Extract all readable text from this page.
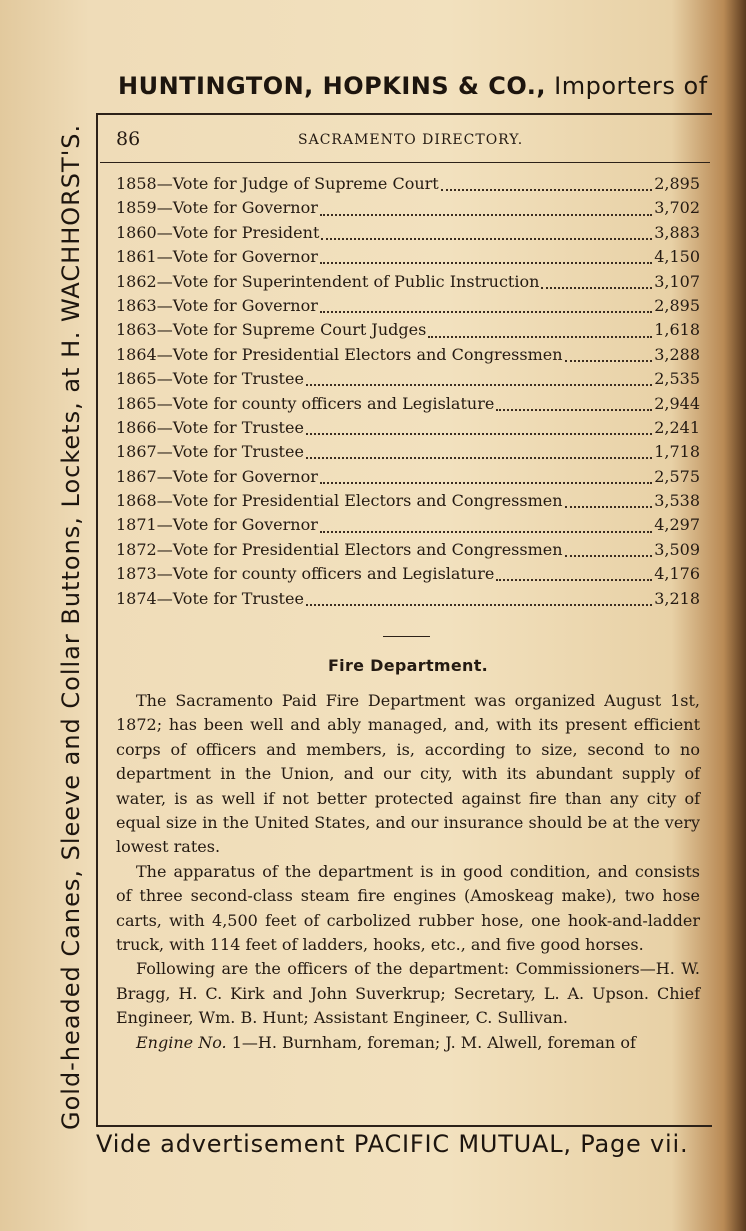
HUNTINGTON, HOPKINS & CO., Importers of
Gold-headed Canes, Sleeve and Collar Buttons, Lockets, at H. WACHHORST'S. 86	SACRAMENTO DIRECTORY.
1858—Vote for Judge of Supreme Court	2,895
1859—Vote for Governor	3,702
1860—Vote for President	3,883
1861—Vote for Governor	4,150
1862—Vote for Superintendent of Public Instruction	3,107
1863—Vote for Governor	2,895
1863—Vote for Supreme Court Judges	1,618
1864—Vote for Presidential Electors and Congressmen	3,288
1865—Vote for Trustee	2,535
1865—Vote for county officers and Legislature	2,944
1866—Vote for Trustee	2,241
1867—Vote for Trustee	1,718
1867—Vote for Governor	2,575
1868—Vote for Presidential Electors and Congressmen	3,538
1871—Vote for Governor	4,297
1872—Vote for Presidential Electors and Congressmen	3,509
1873—Vote for county officers and Legislature	4,176
1874—Vote for Trustee	3,218
Fire Department.

The Sacramento Paid Fire Department was organized August 1st, 1872; has been well and ably managed, and, with its present efficient corps of officers and members, is, according to size, second to no department in the Union, and our city, with its abundant supply of water, is as well if not better protected against fire than any city of equal size in the United States, and our insurance should be at the very lowest rates.

The apparatus of the department is in good condition, and consists of three second-class steam fire engines (Amoskeag make), two hose carts, with 4,500 feet of carbolized rubber hose, one hook-and-ladder truck, with 114 feet of ladders, hooks, etc., and five good horses.

Following are the officers of the department: Commissioners—H. W. Bragg, H. C. Kirk and John Suverkrup; Secretary, L. A. Upson. Chief Engineer, Wm. B. Hunt; Assistant Engineer, C. Sullivan.

Engine No. 1—H. Burnham, foreman; J. M. Alwell, foreman of

Vide advertisement PACIFIC MUTUAL, Page vii.
